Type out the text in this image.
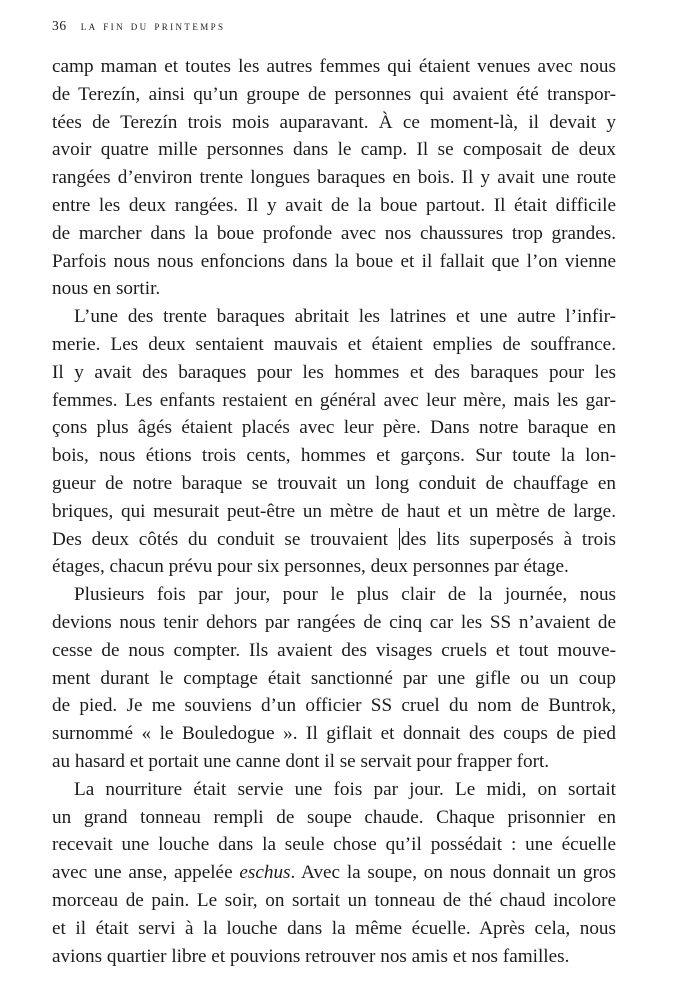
36 la fin du printemps
camp maman et toutes les autres femmes qui étaient venues avec nous
de Terezín, ainsi qu’un groupe de personnes qui avaient été transpor-
tées de Terezín trois mois auparavant. À ce moment-là, il devait y
avoir quatre mille personnes dans le camp. Il se composait de deux
rangées d’environ trente longues baraques en bois. Il y avait une route
entre les deux rangées. Il y avait de la boue partout. Il était difficile
de marcher dans la boue profonde avec nos chaussures trop grandes.
Parfois nous nous enfoncions dans la boue et il fallait que l’on vienne
nous en sortir.
L’une des trente baraques abritait les latrines et une autre l’infir-
merie. Les deux sentaient mauvais et étaient emplies de souffrance.
Il y avait des baraques pour les hommes et des baraques pour les
femmes. Les enfants restaient en général avec leur mère, mais les gar-
çons plus âgés étaient placés avec leur père. Dans notre baraque en
bois, nous étions trois cents, hommes et garçons. Sur toute la lon-
gueur de notre baraque se trouvait un long conduit de chauffage en
briques, qui mesurait peut-être un mètre de haut et un mètre de large.
Des deux côtés du conduit se trouvaient des lits superposés à trois
étages, chacun prévu pour six personnes, deux personnes par étage.
Plusieurs fois par jour, pour le plus clair de la journée, nous
devions nous tenir dehors par rangées de cinq car les SS n’avaient de
cesse de nous compter. Ils avaient des visages cruels et tout mouve-
ment durant le comptage était sanctionné par une gifle ou un coup
de pied. Je me souviens d’un officier SS cruel du nom de Buntrok,
surnommé « le Bouledogue ». Il giflait et donnait des coups de pied
au hasard et portait une canne dont il se servait pour frapper fort.
La nourriture était servie une fois par jour. Le midi, on sortait
un grand tonneau rempli de soupe chaude. Chaque prisonnier en
recevait une louche dans la seule chose qu’il possédait : une écuelle
avec une anse, appelée eschus. Avec la soupe, on nous donnait un gros
morceau de pain. Le soir, on sortait un tonneau de thé chaud incolore
et il était servi à la louche dans la même écuelle. Après cela, nous
avions quartier libre et pouvions retrouver nos amis et nos familles.
